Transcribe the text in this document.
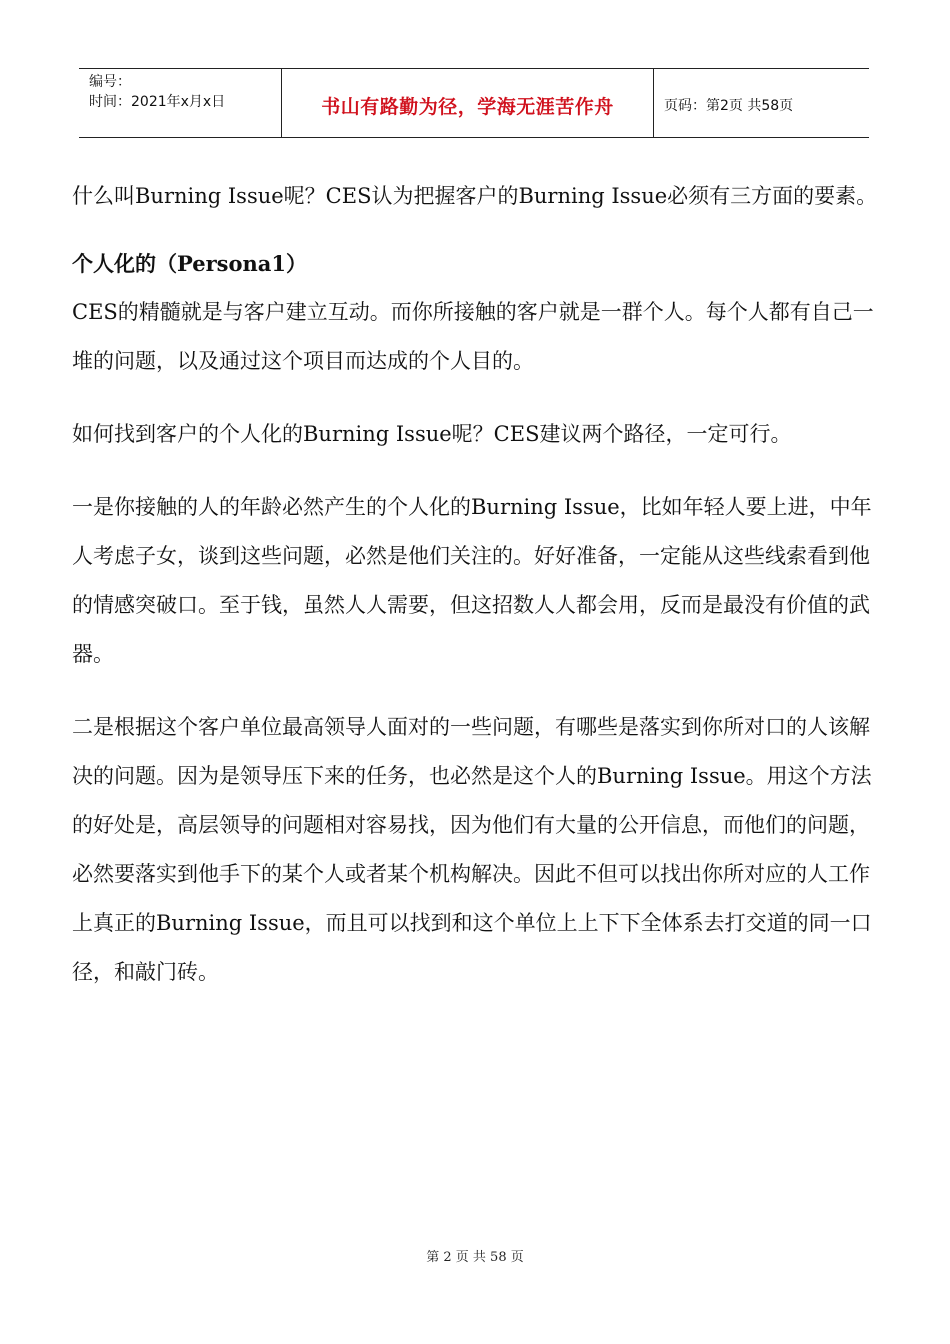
编号：
时间：2021年x月x日	书山有路勤为径，学海无涯苦作舟	页码：第2页 共58页

什么叫Burning Issue呢？CES认为把握客户的Burning Issue必须有三方面的要素。

个人化的（Persona1）

CES的精髓就是与客户建立互动。而你所接触的客户就是一群个人。每个人都有自己一堆的问题，以及通过这个项目而达成的个人目的。

如何找到客户的个人化的Burning Issue呢？CES建议两个路径，一定可行。

一是你接触的人的年龄必然产生的个人化的Burning Issue，比如年轻人要上进，中年人考虑子女，谈到这些问题，必然是他们关注的。好好准备，一定能从这些线索看到他的情感突破口。至于钱，虽然人人需要，但这招数人人都会用，反而是最没有价值的武器。

二是根据这个客户单位最高领导人面对的一些问题，有哪些是落实到你所对口的人该解决的问题。因为是领导压下来的任务，也必然是这个人的Burning Issue。用这个方法的好处是，高层领导的问题相对容易找，因为他们有大量的公开信息，而他们的问题，必然要落实到他手下的某个人或者某个机构解决。因此不但可以找出你所对应的人工作上真正的Burning Issue，而且可以找到和这个单位上上下下全体系去打交道的同一口径，和敲门砖。

第 2 页 共 58 页
